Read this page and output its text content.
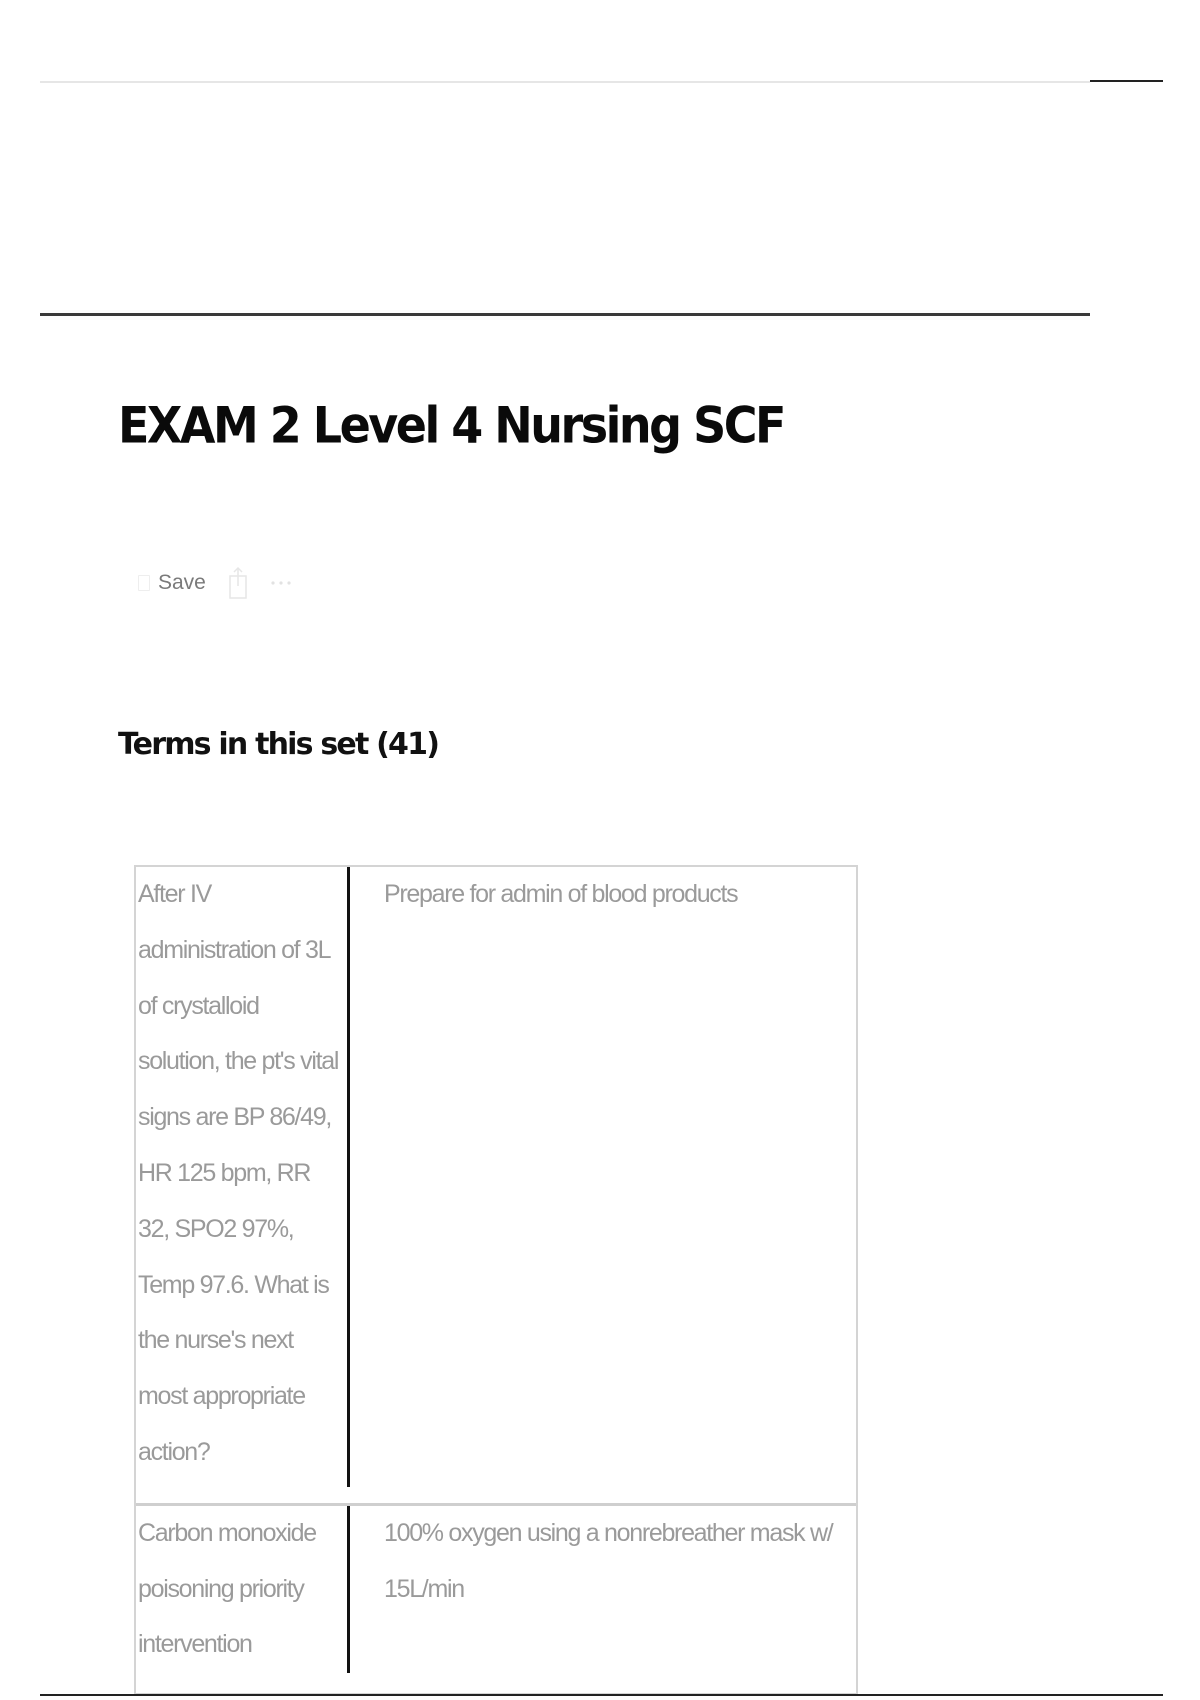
EXAM 2 Level 4 Nursing SCF
Save
Terms in this set (41)
After IV administration of 3L of crystalloid solution, the pt's vital signs are BP 86/49, HR 125 bpm, RR 32, SPO2 97%, Temp 97.6. What is the nurse's next most appropriate action?
Prepare for admin of blood products
Carbon monoxide poisoning priority intervention
100% oxygen using a nonrebreather mask w/ 15L/min
